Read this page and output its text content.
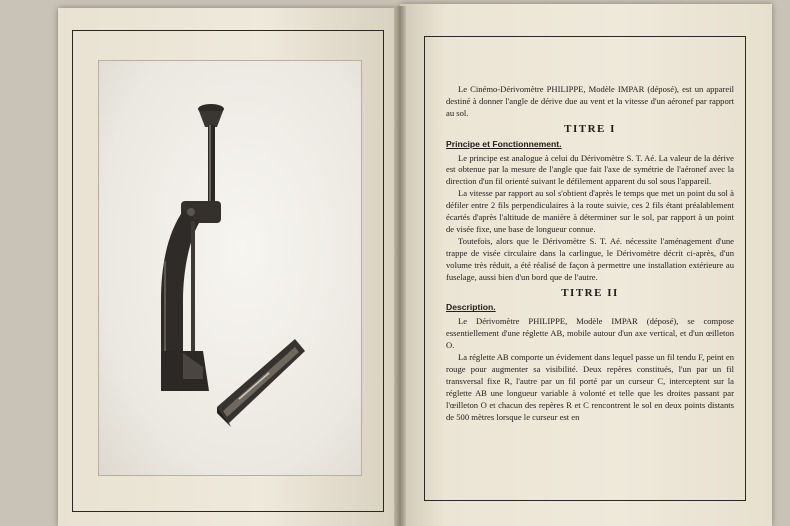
Le Cinémo-Dérivomètre PHILIPPE, Modèle IMPAR (déposé), est un appareil destiné à donner l'angle de dérive due au vent et la vitesse d'un aéronef par rapport au sol.

TITRE I
Principe et Fonctionnement.

Le principe est analogue à celui du Dérivomètre S. T. Aé. La valeur de la dérive est obtenue par la mesure de l'angle que fait l'axe de symétrie de l'aéronef avec la direction d'un fil orienté suivant le défilement apparent du sol sous l'appareil.

La vitesse par rapport au sol s'obtient d'après le temps que met un point du sol à défiler entre 2 fils perpendiculaires à la route suivie, ces 2 fils étant préalablement écartés d'après l'altitude de manière à déterminer sur le sol, par rapport à un point de visée fixe, une base de longueur connue.

Toutefois, alors que le Dérivomètre S. T. Aé. nécessite l'aménagement d'une trappe de visée circulaire dans la carlingue, le Dérivomètre décrit ci-après, d'un volume très réduit, a été réalisé de façon à permettre une installation extérieure au fuselage, aussi bien d'un bord que de l'autre.

TITRE II
Description.

Le Dérivomètre PHILIPPE, Modèle IMPAR (déposé), se compose essentiellement d'une réglette AB, mobile autour d'un axe vertical, et d'un œilleton O.

La réglette AB comporte un évidement dans lequel passe un fil tendu F, peint en rouge pour augmenter sa visibilité. Deux repères constitués, l'un par un fil transversal fixe R, l'autre par un fil porté par un curseur C, interceptent sur la réglette AB une longueur variable à volonté et telle que les droites passant par l'œilleton O et chacun des repères R et C rencontrent le sol en deux points distants de 500 mètres lorsque le curseur est en
